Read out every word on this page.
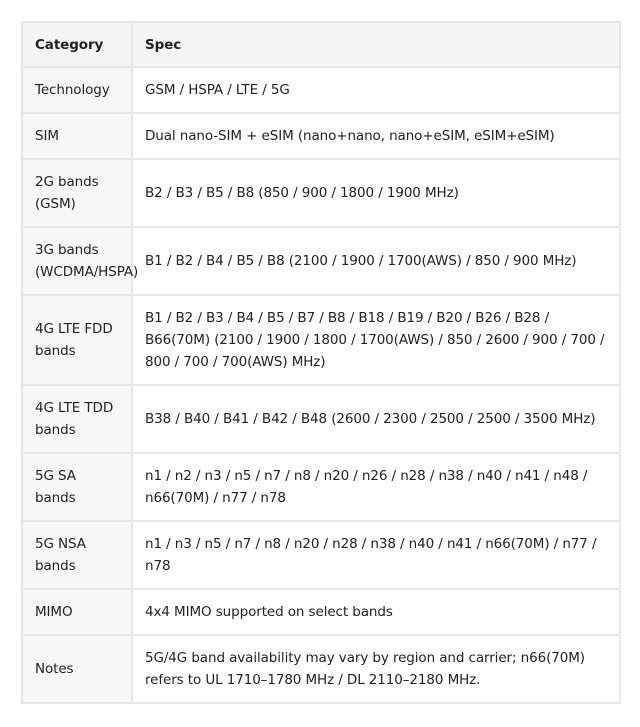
Category	Spec
Technology	GSM / HSPA / LTE / 5G
SIM	Dual nano-SIM + eSIM (nano+nano, nano+eSIM, eSIM+eSIM)
2G bands (GSM)	B2 / B3 / B5 / B8 (850 / 900 / 1800 / 1900 MHz)
3G bands (WCDMA/HSPA)	B1 / B2 / B4 / B5 / B8 (2100 / 1900 / 1700(AWS) / 850 / 900 MHz)
4G LTE FDD bands	B1 / B2 / B3 / B4 / B5 / B7 / B8 / B18 / B19 / B20 / B26 / B28 / B66(70M) (2100 / 1900 / 1800 / 1700(AWS) / 850 / 2600 / 900 / 700 / 800 / 700 / 700(AWS) MHz)
4G LTE TDD bands	B38 / B40 / B41 / B42 / B48 (2600 / 2300 / 2500 / 2500 / 3500 MHz)
5G SA bands	n1 / n2 / n3 / n5 / n7 / n8 / n20 / n26 / n28 / n38 / n40 / n41 / n48 / n66(70M) / n77 / n78
5G NSA bands	n1 / n3 / n5 / n7 / n8 / n20 / n28 / n38 / n40 / n41 / n66(70M) / n77 / n78
MIMO	4x4 MIMO supported on select bands
Notes	5G/4G band availability may vary by region and carrier; n66(70M) refers to UL 1710–1780 MHz / DL 2110–2180 MHz.
